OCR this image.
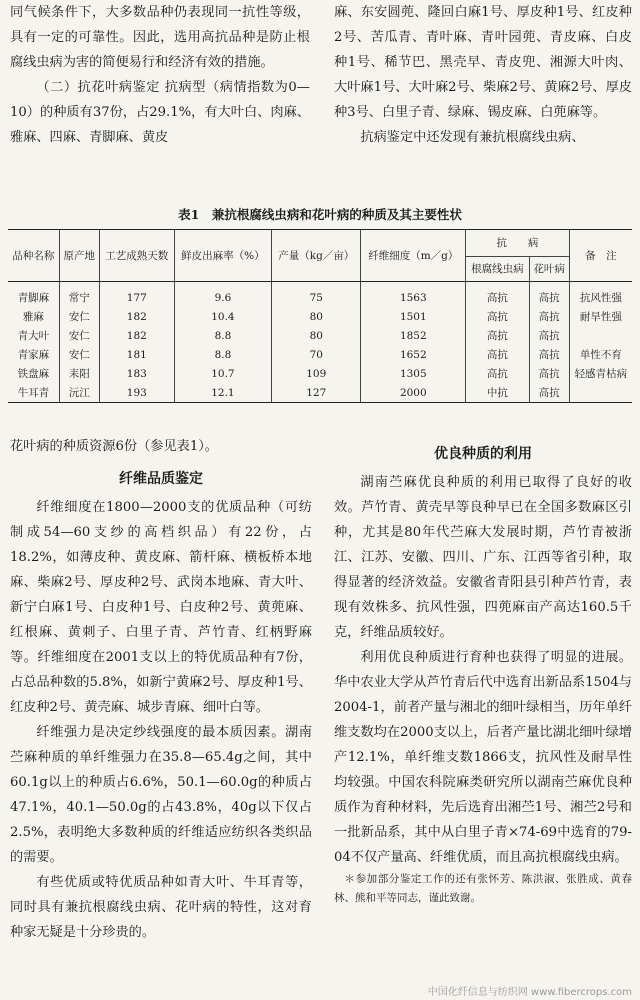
同气候条件下，大多数品种仍表现同一抗性等级，具有一定的可靠性。因此，选用高抗品种是防止根腐线虫病为害的简便易行和经济有效的措施。

（二）抗花叶病鉴定 抗病型（病情指数为0—10）的种质有37份，占29.1%，有大叶白、肉麻、雅麻、四麻、青脚麻、黄皮

麻、东安圆蔸、隆回白麻1号、厚皮种1号、红皮种2号、苦瓜青、青叶麻、青叶园蔸、青皮麻、白皮种1号、稀节巴、黑壳早、青皮兜、湘源大叶肉、大叶麻1号、大叶麻2号、柴麻2号、黄麻2号、厚皮种3号、白里子青、绿麻、锡皮麻、白蔸麻等。

抗病鉴定中还发现有兼抗根腐线虫病、

表1　兼抗根腐线虫病和花叶病的种质及其主要性状
品种名称	原产地	工艺成熟天数	鲜皮出麻率（%）	产量（kg／亩）	纤维细度（m／g）	抗　　病		备　注
						根腐线虫病	花叶病	
青脚麻	常宁	177	9.6	75	1563	高抗	高抗	抗风性强
雅麻	安仁	182	10.4	80	1501	高抗	高抗	耐旱性强
青大叶	安仁	182	8.8	80	1852	高抗	高抗	
青家麻	安仁	181	8.8	70	1652	高抗	高抗	单性不育
铁盘麻	耒阳	183	10.7	109	1305	高抗	高抗	轻感青枯病
牛耳青	沅江	193	12.1	127	2000	中抗	高抗	

花叶病的种质资源6份（参见表1）。

纤维品质鉴定

纤维细度在1800—2000支的优质品种（可纺制成54—60支纱的高档织品）有22份，占18.2%，如薄皮种、黄皮麻、箭杆麻、横板桥本地麻、柴麻2号、厚皮种2号、武岗本地麻、青大叶、新宁白麻1号、白皮种1号、白皮种2号、黄蔸麻、红根麻、黄刺子、白里子青、芦竹青、红柄野麻等。纤维细度在2001支以上的特优质品种有7份，占总品种数的5.8%，如新宁黄麻2号、厚皮种1号、红皮种2号、黄壳麻、城步青麻、细叶白等。

纤维强力是决定纱线强度的最本质因素。湖南苎麻种质的单纤维强力在35.8—65.4g之间，其中60.1g以上的种质占6.6%，50.1—60.0g的种质占47.1%，40.1—50.0g的占43.8%，40g以下仅占2.5%，表明绝大多数种质的纤维适应纺织各类织品的需要。

有些优质或特优质品种如青大叶、牛耳青等，同时具有兼抗根腐线虫病、花叶病的特性，这对育种家无疑是十分珍贵的。

优良种质的利用

湖南苎麻优良种质的利用已取得了良好的收效。芦竹青、黄壳早等良种早已在全国多数麻区引种，尤其是80年代苎麻大发展时期，芦竹青被浙江、江苏、安徽、四川、广东、江西等省引种，取得显著的经济效益。安徽省青阳县引种芦竹青，表现有效株多、抗风性强，四蔸麻亩产高达160.5千克，纤维品质较好。

利用优良种质进行育种也获得了明显的进展。华中农业大学从芦竹青后代中选育出新品系1504与2004-1，前者产量与湘北的细叶绿相当，历年单纤维支数均在2000支以上，后者产量比湖北细叶绿增产12.1%，单纤维支数1866支，抗风性及耐旱性均较强。中国农科院麻类研究所以湖南苎麻优良种质作为育种材料，先后选育出湘苎1号、湘苎2号和一批新品系，其中从白里子青×74-69中选育的79-04不仅产量高、纤维优质，而且高抗根腐线虫病。

＊参加部分鉴定工作的还有张怀芳、陈洪淑、张胜成、黄春林、熊和平等同志，谨此致谢。
中国化纤信息与纺织网 www.fibercrops.com
